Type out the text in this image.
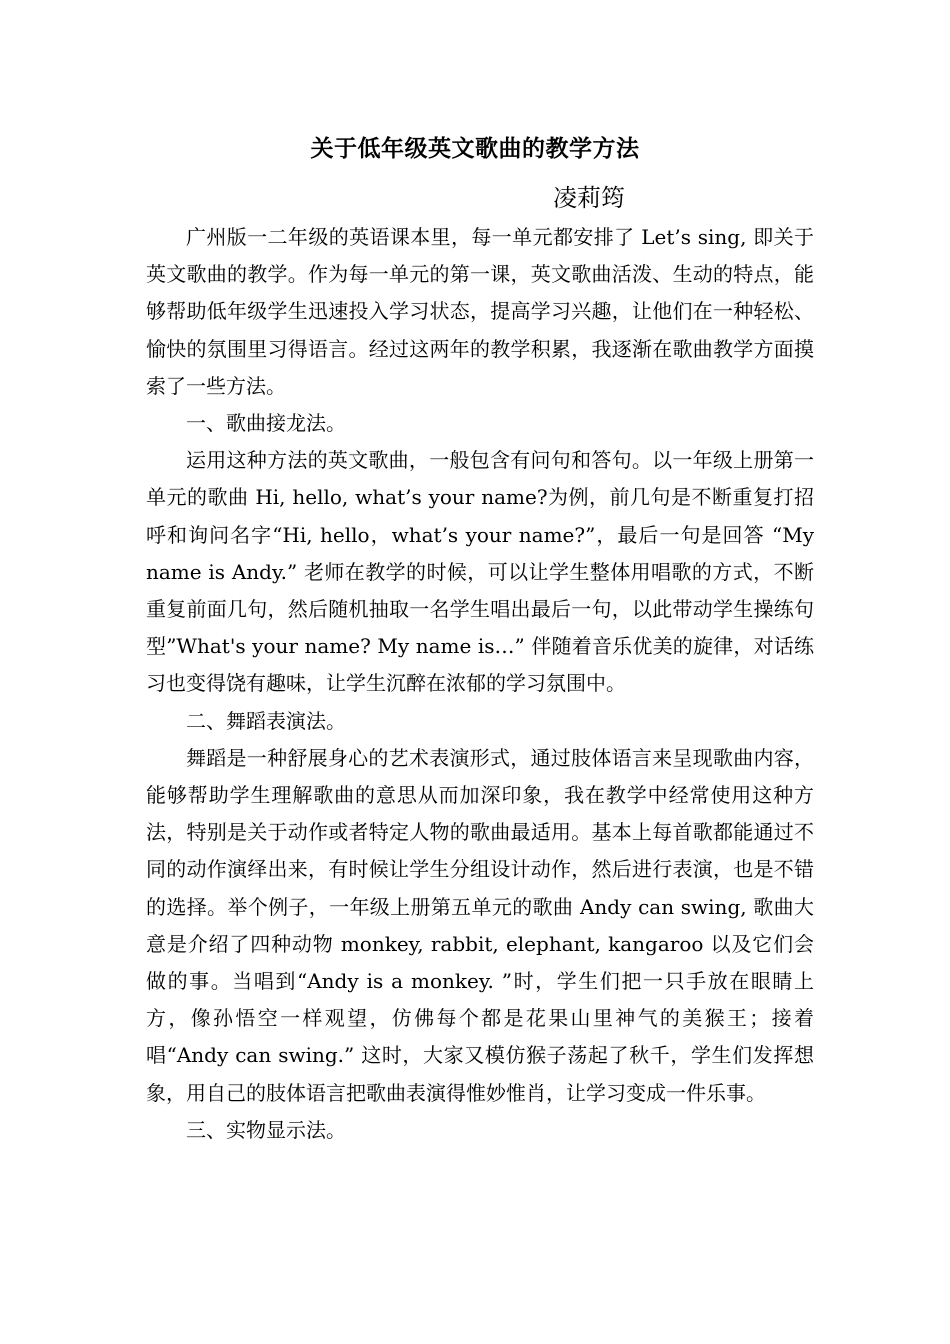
关于低年级英文歌曲的教学方法
凌莉筠

广州版一二年级的英语课本里，每一单元都安排了 Let’s sing, 即关于英文歌曲的教学。作为每一单元的第一课，英文歌曲活泼、生动的特点，能够帮助低年级学生迅速投入学习状态，提高学习兴趣，让他们在一种轻松、愉快的氛围里习得语言。经过这两年的教学积累，我逐渐在歌曲教学方面摸索了一些方法。

一、歌曲接龙法。

运用这种方法的英文歌曲，一般包含有问句和答句。以一年级上册第一单元的歌曲 Hi, hello, what’s your name?为例，前几句是不断重复打招呼和询问名字“Hi, hello，what’s your name?”，最后一句是回答 “My name is Andy.” 老师在教学的时候，可以让学生整体用唱歌的方式，不断重复前面几句，然后随机抽取一名学生唱出最后一句，以此带动学生操练句型”What's your name? My name is…” 伴随着音乐优美的旋律，对话练习也变得饶有趣味，让学生沉醉在浓郁的学习氛围中。

二、舞蹈表演法。

舞蹈是一种舒展身心的艺术表演形式，通过肢体语言来呈现歌曲内容，能够帮助学生理解歌曲的意思从而加深印象，我在教学中经常使用这种方法，特别是关于动作或者特定人物的歌曲最适用。基本上每首歌都能通过不同的动作演绎出来，有时候让学生分组设计动作，然后进行表演，也是不错的选择。举个例子，一年级上册第五单元的歌曲 Andy can swing, 歌曲大意是介绍了四种动物 monkey, rabbit, elephant, kangaroo 以及它们会做的事。当唱到“Andy is a monkey. ”时，学生们把一只手放在眼睛上方，像孙悟空一样观望，仿佛每个都是花果山里神气的美猴王；接着唱“Andy can swing.” 这时，大家又模仿猴子荡起了秋千，学生们发挥想象，用自己的肢体语言把歌曲表演得惟妙惟肖，让学习变成一件乐事。

三、实物显示法。
